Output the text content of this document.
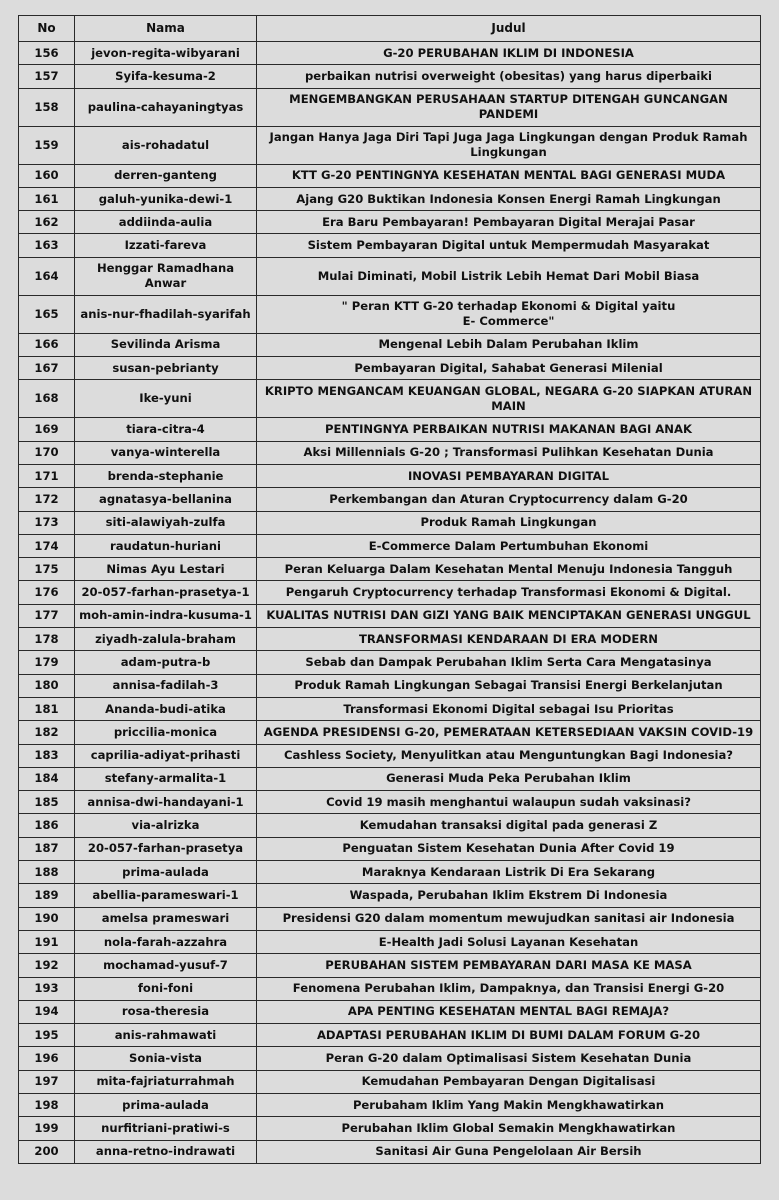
No	Nama	Judul
156	jevon-regita-wibyarani	G-20 PERUBAHAN IKLIM DI INDONESIA
157	Syifa-kesuma-2	perbaikan nutrisi overweight (obesitas) yang harus diperbaiki
158	paulina-cahayaningtyas	MENGEMBANGKAN PERUSAHAAN STARTUP DITENGAH GUNCANGAN PANDEMI
159	ais-rohadatul	Jangan Hanya Jaga Diri Tapi Juga Jaga Lingkungan dengan Produk Ramah Lingkungan
160	derren-ganteng	KTT G-20 PENTINGNYA KESEHATAN MENTAL BAGI GENERASI MUDA
161	galuh-yunika-dewi-1	Ajang G20 Buktikan Indonesia Konsen Energi Ramah Lingkungan
162	addiinda-aulia	Era Baru Pembayaran! Pembayaran Digital Merajai Pasar
163	Izzati-fareva	Sistem Pembayaran Digital untuk Mempermudah Masyarakat
164	Henggar Ramadhana Anwar	Mulai Diminati, Mobil Listrik Lebih Hemat Dari Mobil Biasa
165	anis-nur-fhadilah-syarifah	" Peran KTT G-20 terhadap Ekonomi & Digital yaitu
E- Commerce"
166	Sevilinda Arisma	Mengenal Lebih Dalam Perubahan Iklim
167	susan-pebrianty	Pembayaran Digital, Sahabat Generasi Milenial
168	Ike-yuni	KRIPTO MENGANCAM KEUANGAN GLOBAL, NEGARA G-20 SIAPKAN ATURAN MAIN
169	tiara-citra-4	PENTINGNYA PERBAIKAN NUTRISI MAKANAN BAGI ANAK
170	vanya-winterella	Aksi Millennials G-20 ; Transformasi Pulihkan Kesehatan Dunia
171	brenda-stephanie	INOVASI PEMBAYARAN DIGITAL
172	agnatasya-bellanina	Perkembangan dan Aturan Cryptocurrency dalam G-20
173	siti-alawiyah-zulfa	Produk Ramah Lingkungan
174	raudatun-huriani	E-Commerce Dalam Pertumbuhan Ekonomi
175	Nimas Ayu Lestari	Peran Keluarga Dalam Kesehatan Mental Menuju Indonesia Tangguh
176	20-057-farhan-prasetya-1	Pengaruh Cryptocurrency terhadap Transformasi Ekonomi & Digital.
177	moh-amin-indra-kusuma-1	KUALITAS NUTRISI DAN GIZI YANG BAIK MENCIPTAKAN GENERASI UNGGUL
178	ziyadh-zalula-braham	TRANSFORMASI KENDARAAN DI ERA MODERN
179	adam-putra-b	Sebab dan Dampak Perubahan Iklim Serta Cara Mengatasinya
180	annisa-fadilah-3	Produk Ramah Lingkungan Sebagai Transisi Energi Berkelanjutan
181	Ananda-budi-atika	Transformasi Ekonomi Digital sebagai Isu Prioritas
182	priccilia-monica	AGENDA PRESIDENSI G-20, PEMERATAAN KETERSEDIAAN VAKSIN COVID-19
183	caprilia-adiyat-prihasti	Cashless Society, Menyulitkan atau Menguntungkan Bagi Indonesia?
184	stefany-armalita-1	Generasi Muda Peka Perubahan Iklim
185	annisa-dwi-handayani-1	Covid 19 masih menghantui walaupun sudah vaksinasi?
186	via-alrizka	Kemudahan transaksi digital pada generasi Z
187	20-057-farhan-prasetya	Penguatan Sistem Kesehatan Dunia After Covid 19
188	prima-aulada	Maraknya Kendaraan Listrik Di Era Sekarang
189	abellia-parameswari-1	Waspada, Perubahan Iklim Ekstrem Di Indonesia
190	amelsa prameswari	Presidensi G20 dalam momentum mewujudkan sanitasi air Indonesia
191	nola-farah-azzahra	E-Health Jadi Solusi Layanan Kesehatan
192	mochamad-yusuf-7	PERUBAHAN SISTEM PEMBAYARAN DARI MASA KE MASA
193	foni-foni	Fenomena Perubahan Iklim, Dampaknya, dan Transisi Energi G-20
194	rosa-theresia	APA PENTING KESEHATAN MENTAL BAGI REMAJA?
195	anis-rahmawati	ADAPTASI PERUBAHAN IKLIM DI BUMI DALAM FORUM G-20
196	Sonia-vista	Peran G-20 dalam Optimalisasi Sistem Kesehatan Dunia
197	mita-fajriaturrahmah	Kemudahan Pembayaran Dengan Digitalisasi
198	prima-aulada	Perubaham Iklim Yang Makin Mengkhawatirkan
199	nurfitriani-pratiwi-s	Perubahan Iklim Global Semakin Mengkhawatirkan
200	anna-retno-indrawati	Sanitasi Air Guna Pengelolaan Air Bersih
